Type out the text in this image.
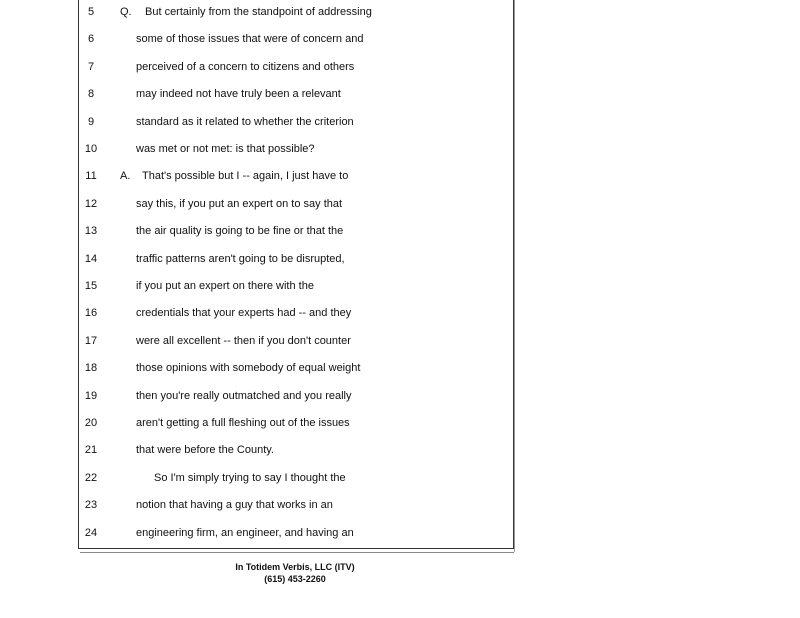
5	Q. But certainly from the standpoint of addressing
6	some of those issues that were of concern and
7	perceived of a concern to citizens and others
8	may indeed not have truly been a relevant
9	standard as it related to whether the criterion
10	was met or not met: is that possible?
11	A. That's possible but I -- again, I just have to
12	say this, if you put an expert on to say that
13	the air quality is going to be fine or that the
14	traffic patterns aren't going to be disrupted,
15	if you put an expert on there with the
16	credentials that your experts had -- and they
17	were all excellent -- then if you don't counter
18	those opinions with somebody of equal weight
19	then you're really outmatched and you really
20	aren't getting a full fleshing out of the issues
21	that were before the County.
22	So I'm simply trying to say I thought the
23	notion that having a guy that works in an
24	engineering firm, an engineer, and having an
In Totidem Verbis, LLC (ITV)
(615) 453-2260
